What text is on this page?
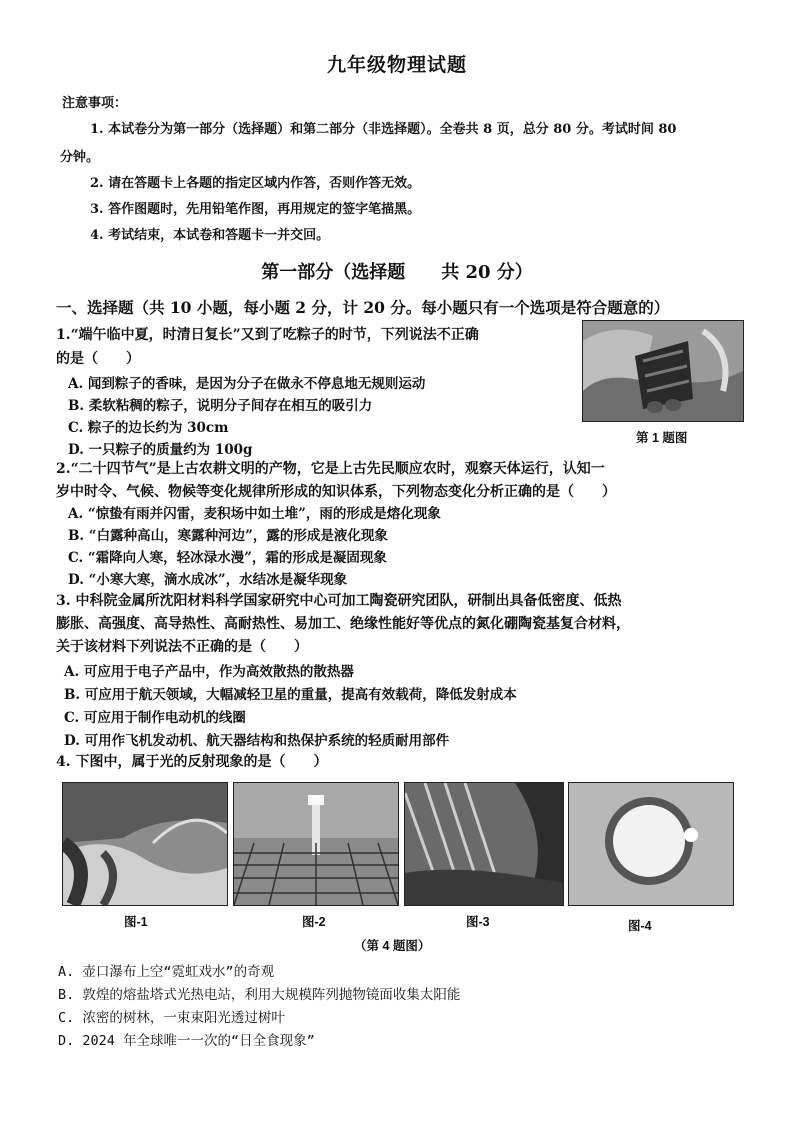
九年级物理试题
注意事项：
1. 本试卷分为第一部分（选择题）和第二部分（非选择题）。全卷共 8 页，总分 80 分。考试时间 80
分钟。
2. 请在答题卡上各题的指定区域内作答，否则作答无效。
3. 答作图题时，先用铅笔作图，再用规定的签字笔描黑。
4. 考试结束，本试卷和答题卡一并交回。
第一部分（选择题　　共 20 分）
一、选择题（共 10 小题，每小题 2 分，计 20 分。每小题只有一个选项是符合题意的）
1.“端午临中夏，时清日复长”又到了吃粽子的时节，下列说法不正确
的是（　　）
A. 闻到粽子的香味，是因为分子在做永不停息地无规则运动
B. 柔软粘稠的粽子，说明分子间存在相互的吸引力
C. 粽子的边长约为 30cm
D. 一只粽子的质量约为 100g
第 1 题图
2.“二十四节气”是上古农耕文明的产物，它是上古先民顺应农时，观察天体运行，认知一
岁中时令、气候、物候等变化规律所形成的知识体系，下列物态变化分析正确的是（　　）
A. “惊蛰有雨并闪雷，麦积场中如土堆”，雨的形成是熔化现象
B. “白露种高山，寒露种河边”，露的形成是液化现象
C. “霜降向人寒，轻冰渌水漫”，霜的形成是凝固现象
D. “小寒大寒，滴水成冰”，水结冰是凝华现象
3. 中科院金属所沈阳材料科学国家研究中心可加工陶瓷研究团队，研制出具备低密度、低热
膨胀、高强度、高导热性、高耐热性、易加工、绝缘性能好等优点的氮化硼陶瓷基复合材料，
关于该材料下列说法不正确的是（　　）
A. 可应用于电子产品中，作为高效散热的散热器
B. 可应用于航天领域，大幅减轻卫星的重量，提高有效载荷，降低发射成本
C. 可应用于制作电动机的线圈
D. 可用作飞机发动机、航天器结构和热保护系统的轻质耐用部件
4. 下图中，属于光的反射现象的是（　　）
图-1	图-2	图-3	图-4
（第 4 题图）
A. 壶口瀑布上空“霓虹戏水”的奇观
B. 敦煌的熔盐塔式光热电站，利用大规模阵列抛物镜面收集太阳能
C. 浓密的树林，一束束阳光透过树叶
D. 2024 年全球唯一一次的“日全食现象”
